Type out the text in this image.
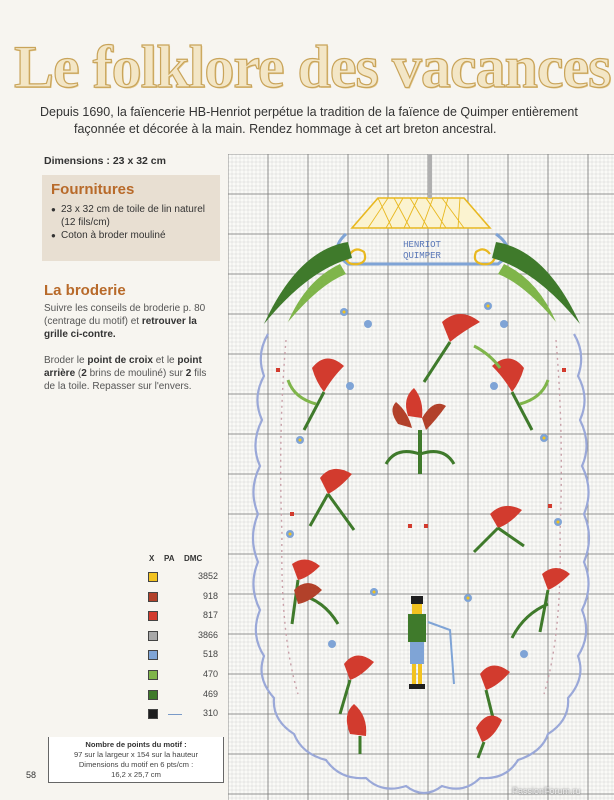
Le folklore des vacances
Depuis 1690, la faïencerie HB-Henriot perpétue la tradition de la faïence de Quimper entièrement
façonnée et décorée à la main. Rendez hommage à cet art breton ancestral.
Dimensions : 23 x 32 cm
Fournitures
● 23 x 32 cm de toile de lin naturel (12 fils/cm)
● Coton à broder mouliné
La broderie
Suivre les conseils de broderie p. 80 (centrage du motif) et retrouver la grille ci-contre.
Broder le point de croix et le point arrière (2 brins de mouliné) sur 2 fils de la toile. Repasser sur l'envers.
X PA DMC
3852
918
817
3866
518
470
469
310
Nombre de points du motif :
97 sur la largeur x 154 sur la hauteur
Dimensions du motif en 6 pts/cm :
16,2 x 25,7 cm
58
HENRIOT
QUIMPER
PassionForum.ru
